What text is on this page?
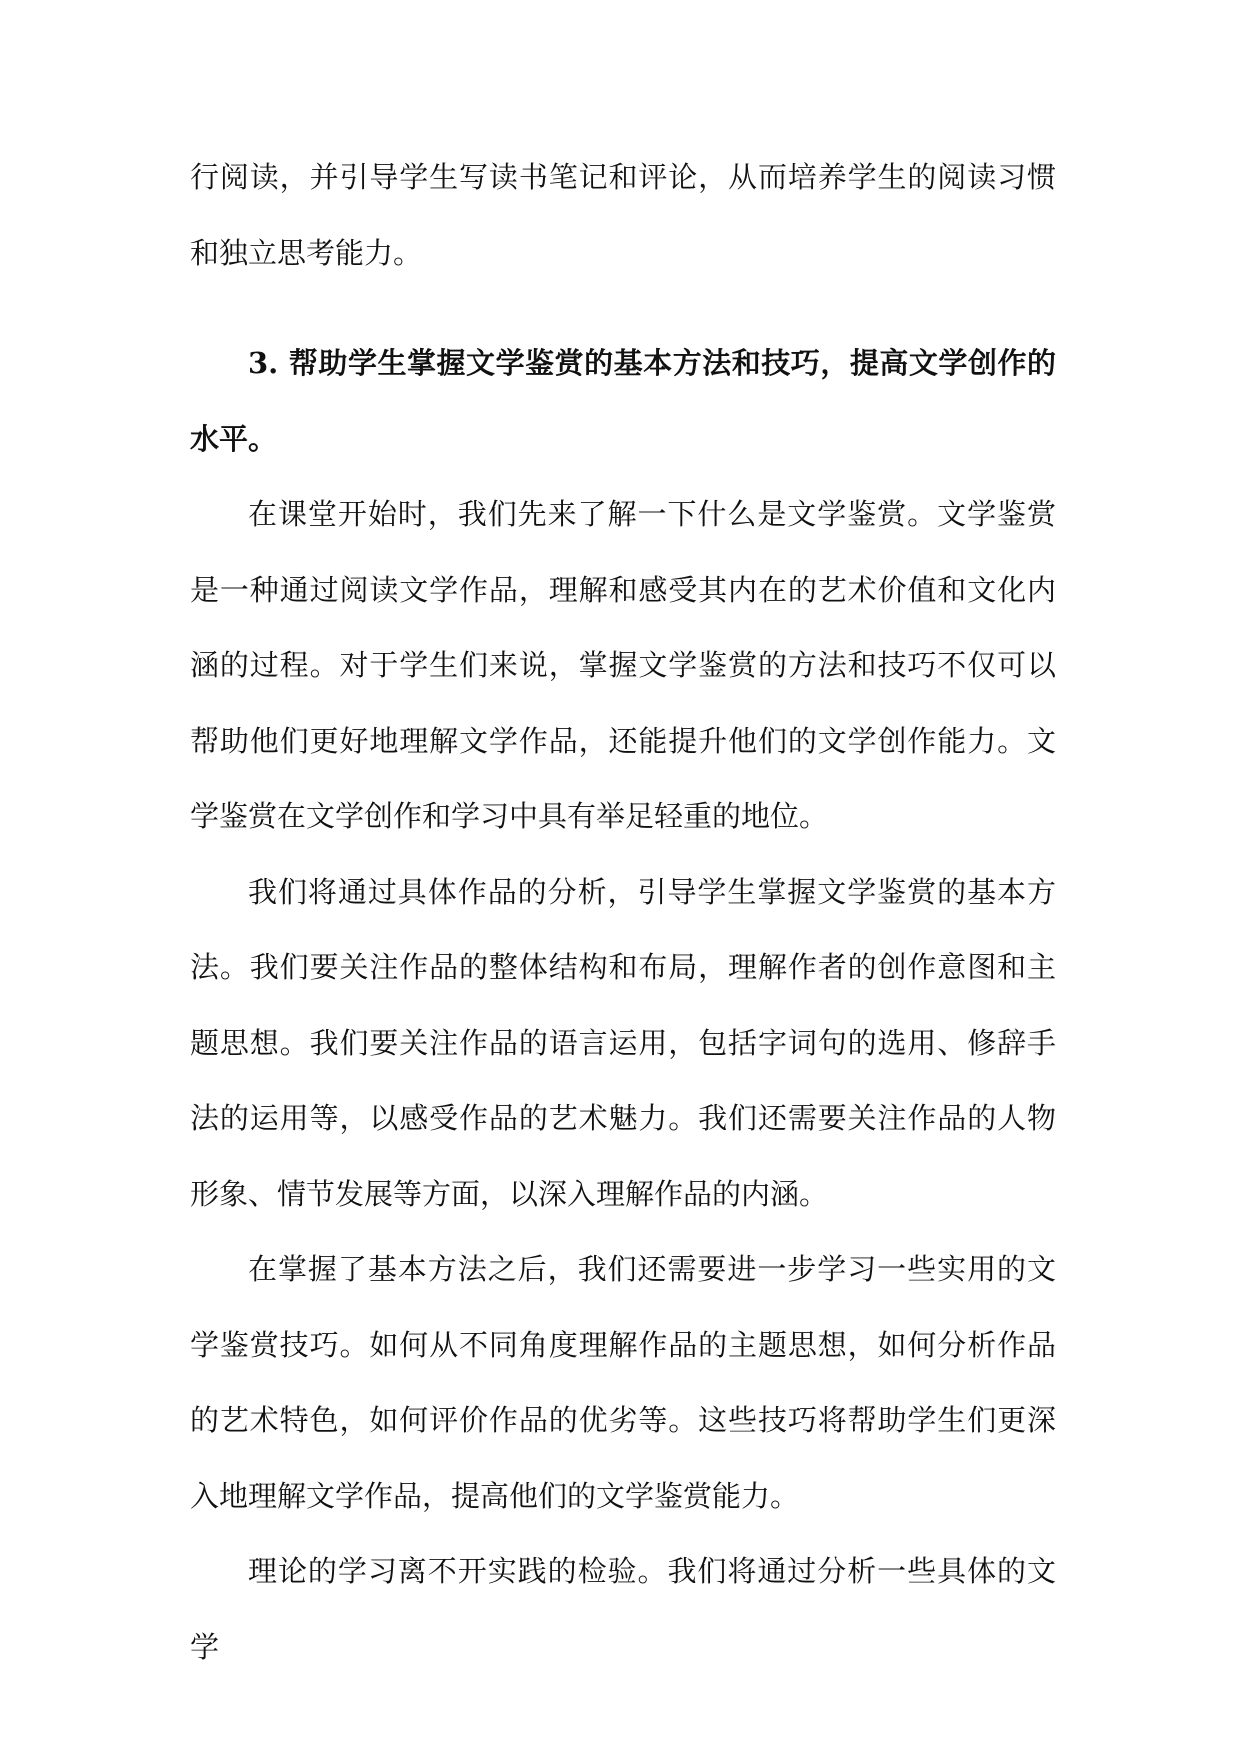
行阅读，并引导学生写读书笔记和评论，从而培养学生的阅读习惯和独立思考能力。

3. 帮助学生掌握文学鉴赏的基本方法和技巧，提高文学创作的水平。

在课堂开始时，我们先来了解一下什么是文学鉴赏。文学鉴赏是一种通过阅读文学作品，理解和感受其内在的艺术价值和文化内涵的过程。对于学生们来说，掌握文学鉴赏的方法和技巧不仅可以帮助他们更好地理解文学作品，还能提升他们的文学创作能力。文学鉴赏在文学创作和学习中具有举足轻重的地位。

我们将通过具体作品的分析，引导学生掌握文学鉴赏的基本方法。我们要关注作品的整体结构和布局，理解作者的创作意图和主题思想。我们要关注作品的语言运用，包括字词句的选用、修辞手法的运用等，以感受作品的艺术魅力。我们还需要关注作品的人物形象、情节发展等方面，以深入理解作品的内涵。

在掌握了基本方法之后，我们还需要进一步学习一些实用的文学鉴赏技巧。如何从不同角度理解作品的主题思想，如何分析作品的艺术特色，如何评价作品的优劣等。这些技巧将帮助学生们更深入地理解文学作品，提高他们的文学鉴赏能力。

理论的学习离不开实践的检验。我们将通过分析一些具体的文学
